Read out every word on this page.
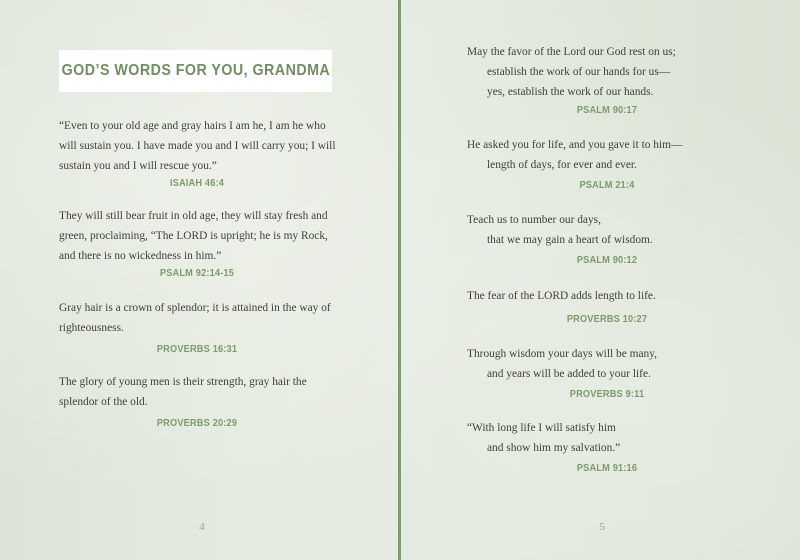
GOD’S WORDS FOR YOU, GRANDMA
“Even to your old age and gray hairs I am he, I am he who
will sustain you. I have made you and I will carry you; I will
sustain you and I will rescue you.”
ISAIAH 46:4
They will still bear fruit in old age, they will stay fresh and
green, proclaiming, “The LORD is upright; he is my Rock,
and there is no wickedness in him.”
PSALM 92:14-15
Gray hair is a crown of splendor; it is attained in the way of
righteousness.
PROVERBS 16:31
The glory of young men is their strength, gray hair the
splendor of the old.
PROVERBS 20:29
4
May the favor of the Lord our God rest on us;
establish the work of our hands for us—
yes, establish the work of our hands.
PSALM 90:17
He asked you for life, and you gave it to him—
length of days, for ever and ever.
PSALM 21:4
Teach us to number our days,
that we may gain a heart of wisdom.
PSALM 90:12
The fear of the LORD adds length to life.
PROVERBS 10:27
Through wisdom your days will be many,
and years will be added to your life.
PROVERBS 9:11
“With long life I will satisfy him
and show him my salvation.”
PSALM 91:16
5
